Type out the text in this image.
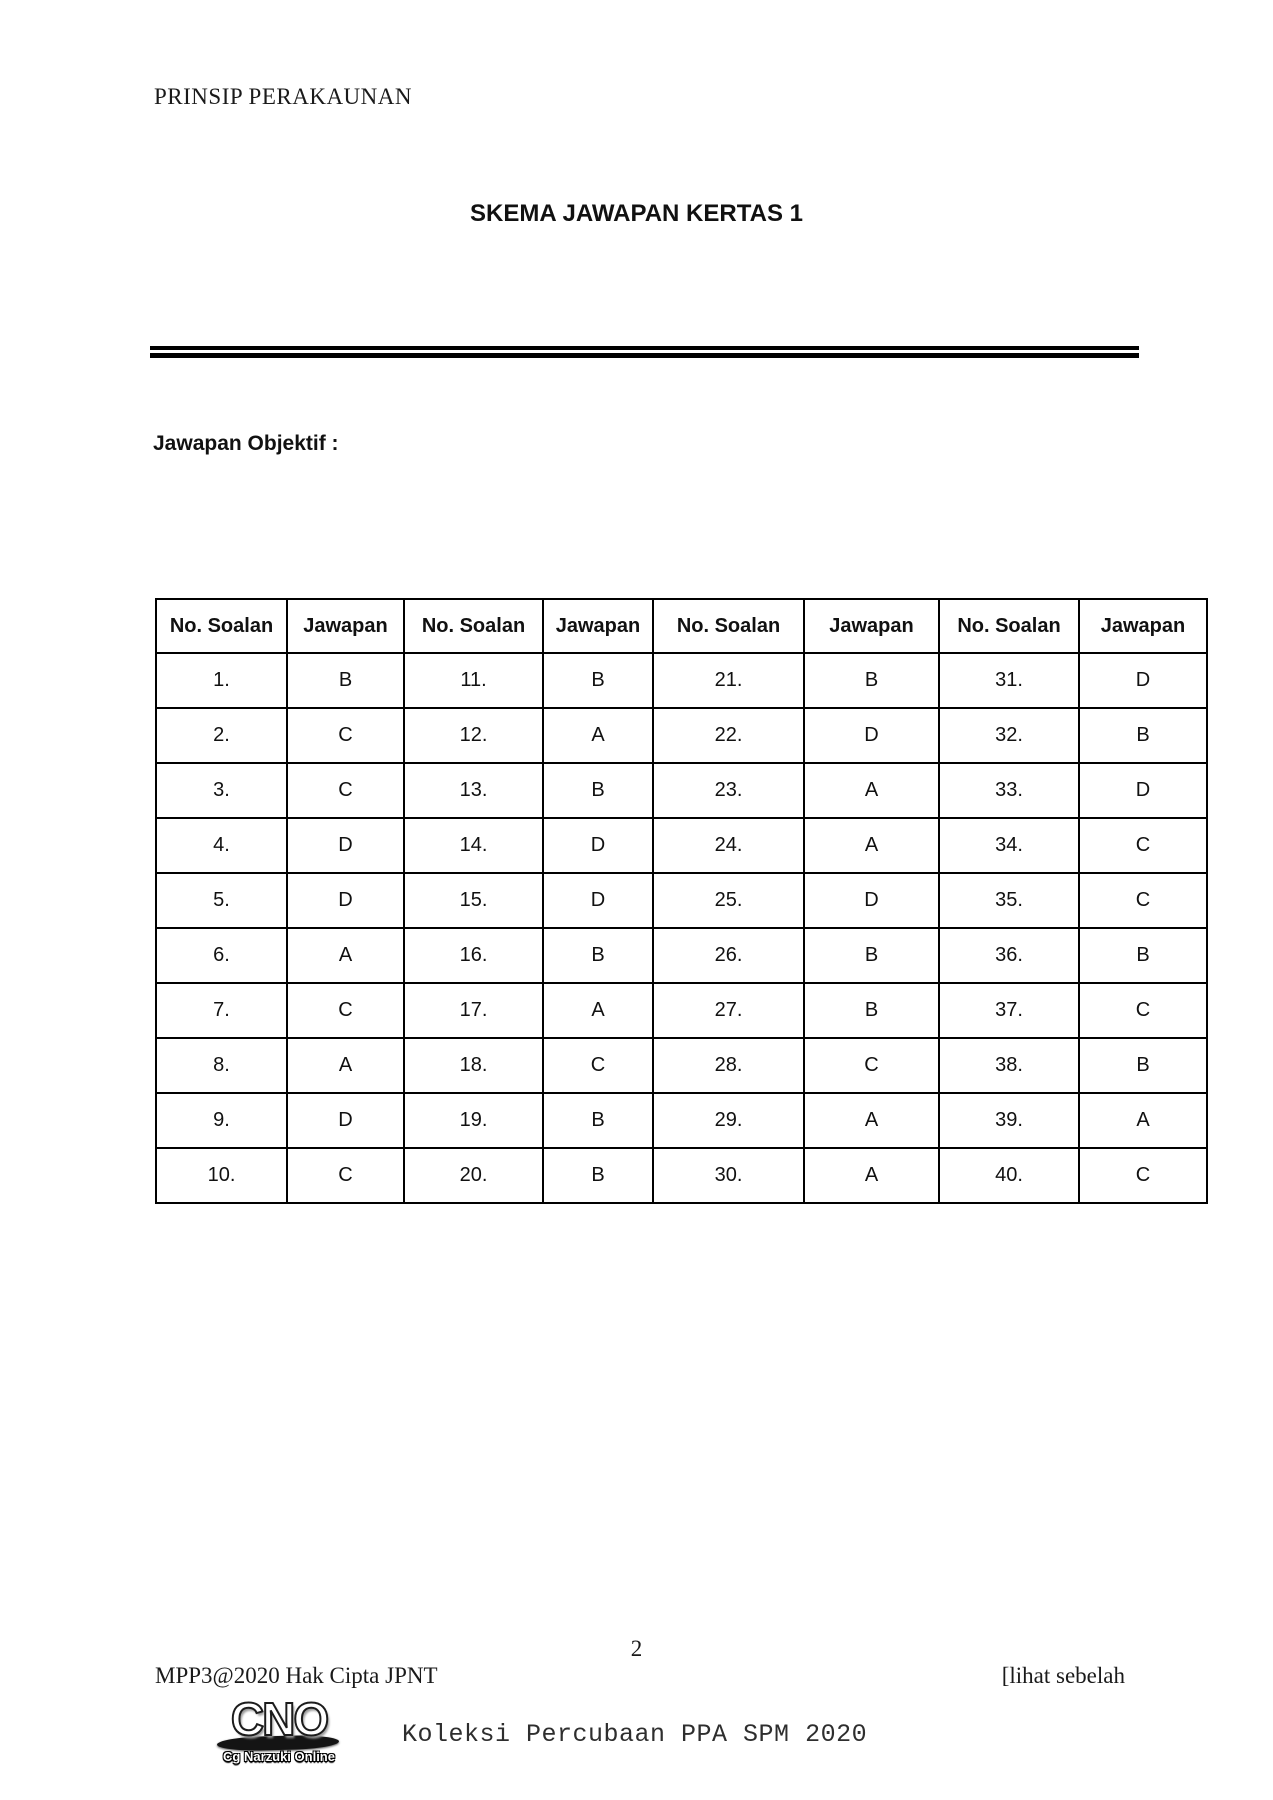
PRINSIP PERAKAUNAN
SKEMA JAWAPAN KERTAS 1
Jawapan Objektif :
No. Soalan	Jawapan	No. Soalan	Jawapan	No. Soalan	Jawapan	No. Soalan	Jawapan
1.	B	11.	B	21.	B	31.	D
2.	C	12.	A	22.	D	32.	B
3.	C	13.	B	23.	A	33.	D
4.	D	14.	D	24.	A	34.	C
5.	D	15.	D	25.	D	35.	C
6.	A	16.	B	26.	B	36.	B
7.	C	17.	A	27.	B	37.	C
8.	A	18.	C	28.	C	38.	B
9.	D	19.	B	29.	A	39.	A
10.	C	20.	B	30.	A	40.	C
2
MPP3@2020 Hak Cipta JPNT	[lihat sebelah
CNO
Cg Narzuki Online
Koleksi Percubaan PPA SPM 2020
